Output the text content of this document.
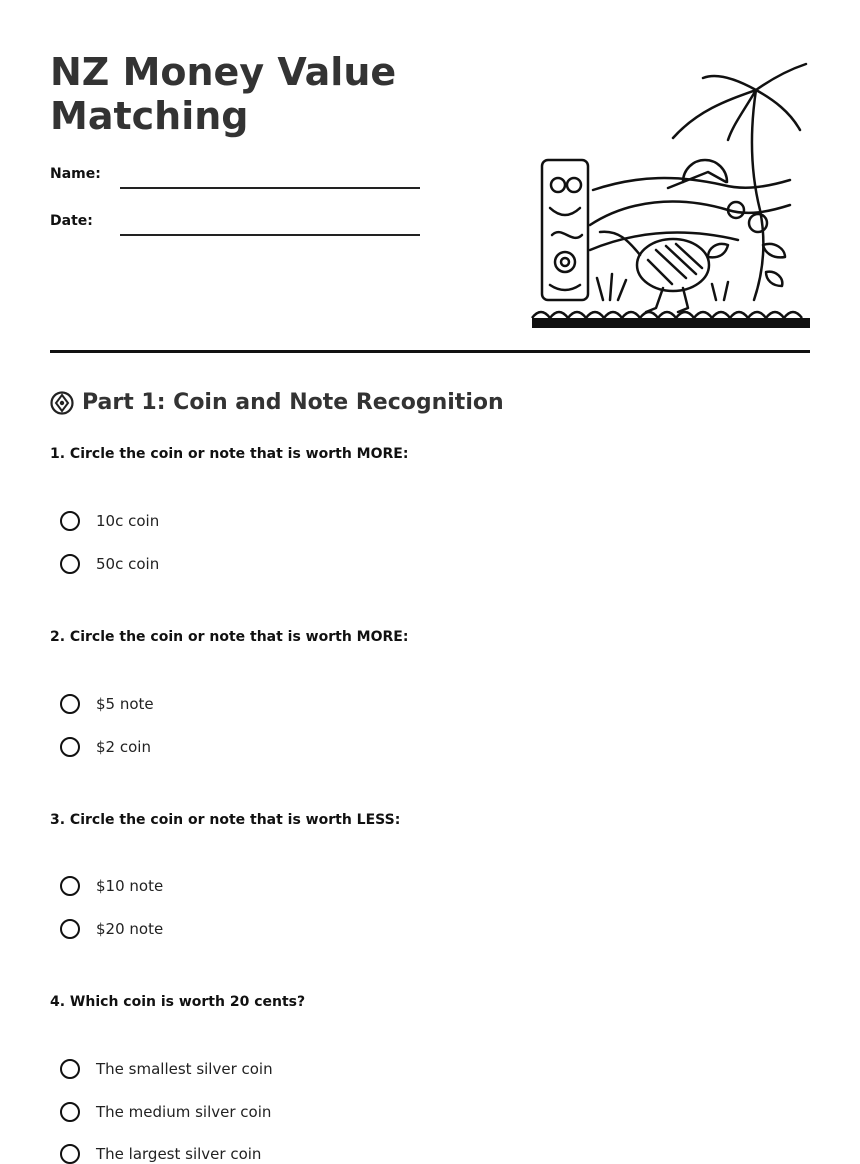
NZ Money Value
Matching
Name:
Date:
Part 1: Coin and Note Recognition
1. Circle the coin or note that is worth MORE:
10c coin
50c coin
2. Circle the coin or note that is worth MORE:
$5 note
$2 coin
3. Circle the coin or note that is worth LESS:
$10 note
$20 note
4. Which coin is worth 20 cents?
The smallest silver coin
The medium silver coin
The largest silver coin
